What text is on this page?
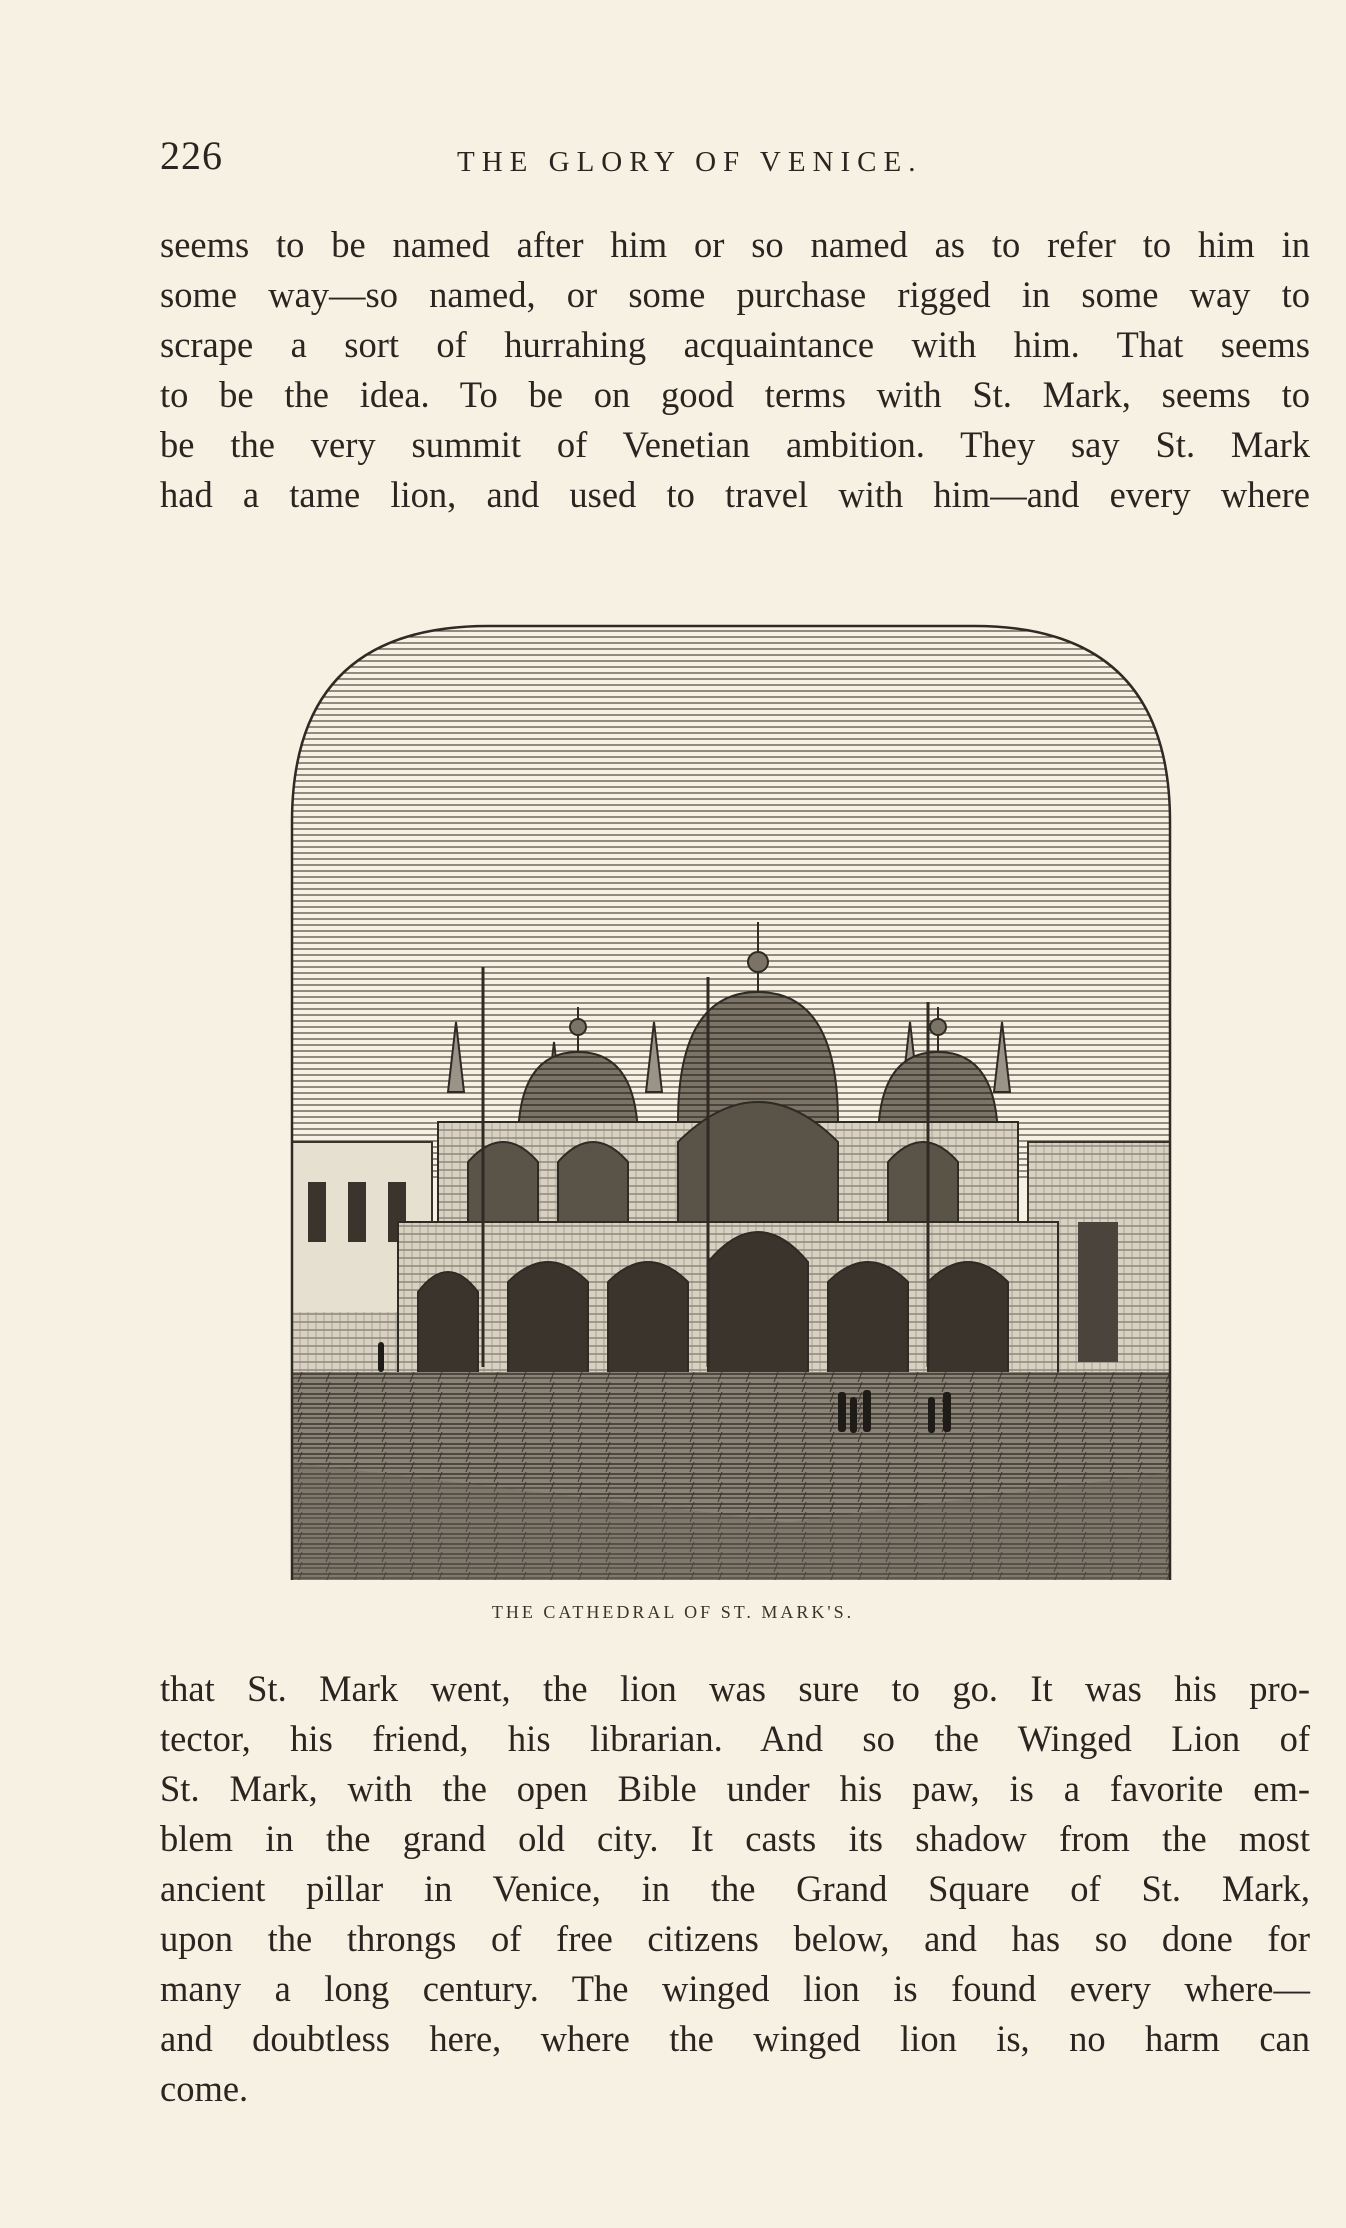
226	THE GLORY OF VENICE.
seems to be named after him or so named as to refer to him in
some way—so named, or some purchase rigged in some way to
scrape a sort of hurrahing acquaintance with him. That seems
to be the idea. To be on good terms with St. Mark, seems to
be the very summit of Venetian ambition. They say St. Mark
had a tame lion, and used to travel with him—and every where
THE CATHEDRAL OF ST. MARK'S.
that St. Mark went, the lion was sure to go. It was his pro-
tector, his friend, his librarian. And so the Winged Lion of
St. Mark, with the open Bible under his paw, is a favorite em-
blem in the grand old city. It casts its shadow from the most
ancient pillar in Venice, in the Grand Square of St. Mark,
upon the throngs of free citizens below, and has so done for
many a long century. The winged lion is found every where—
and doubtless here, where the winged lion is, no harm can
come.
